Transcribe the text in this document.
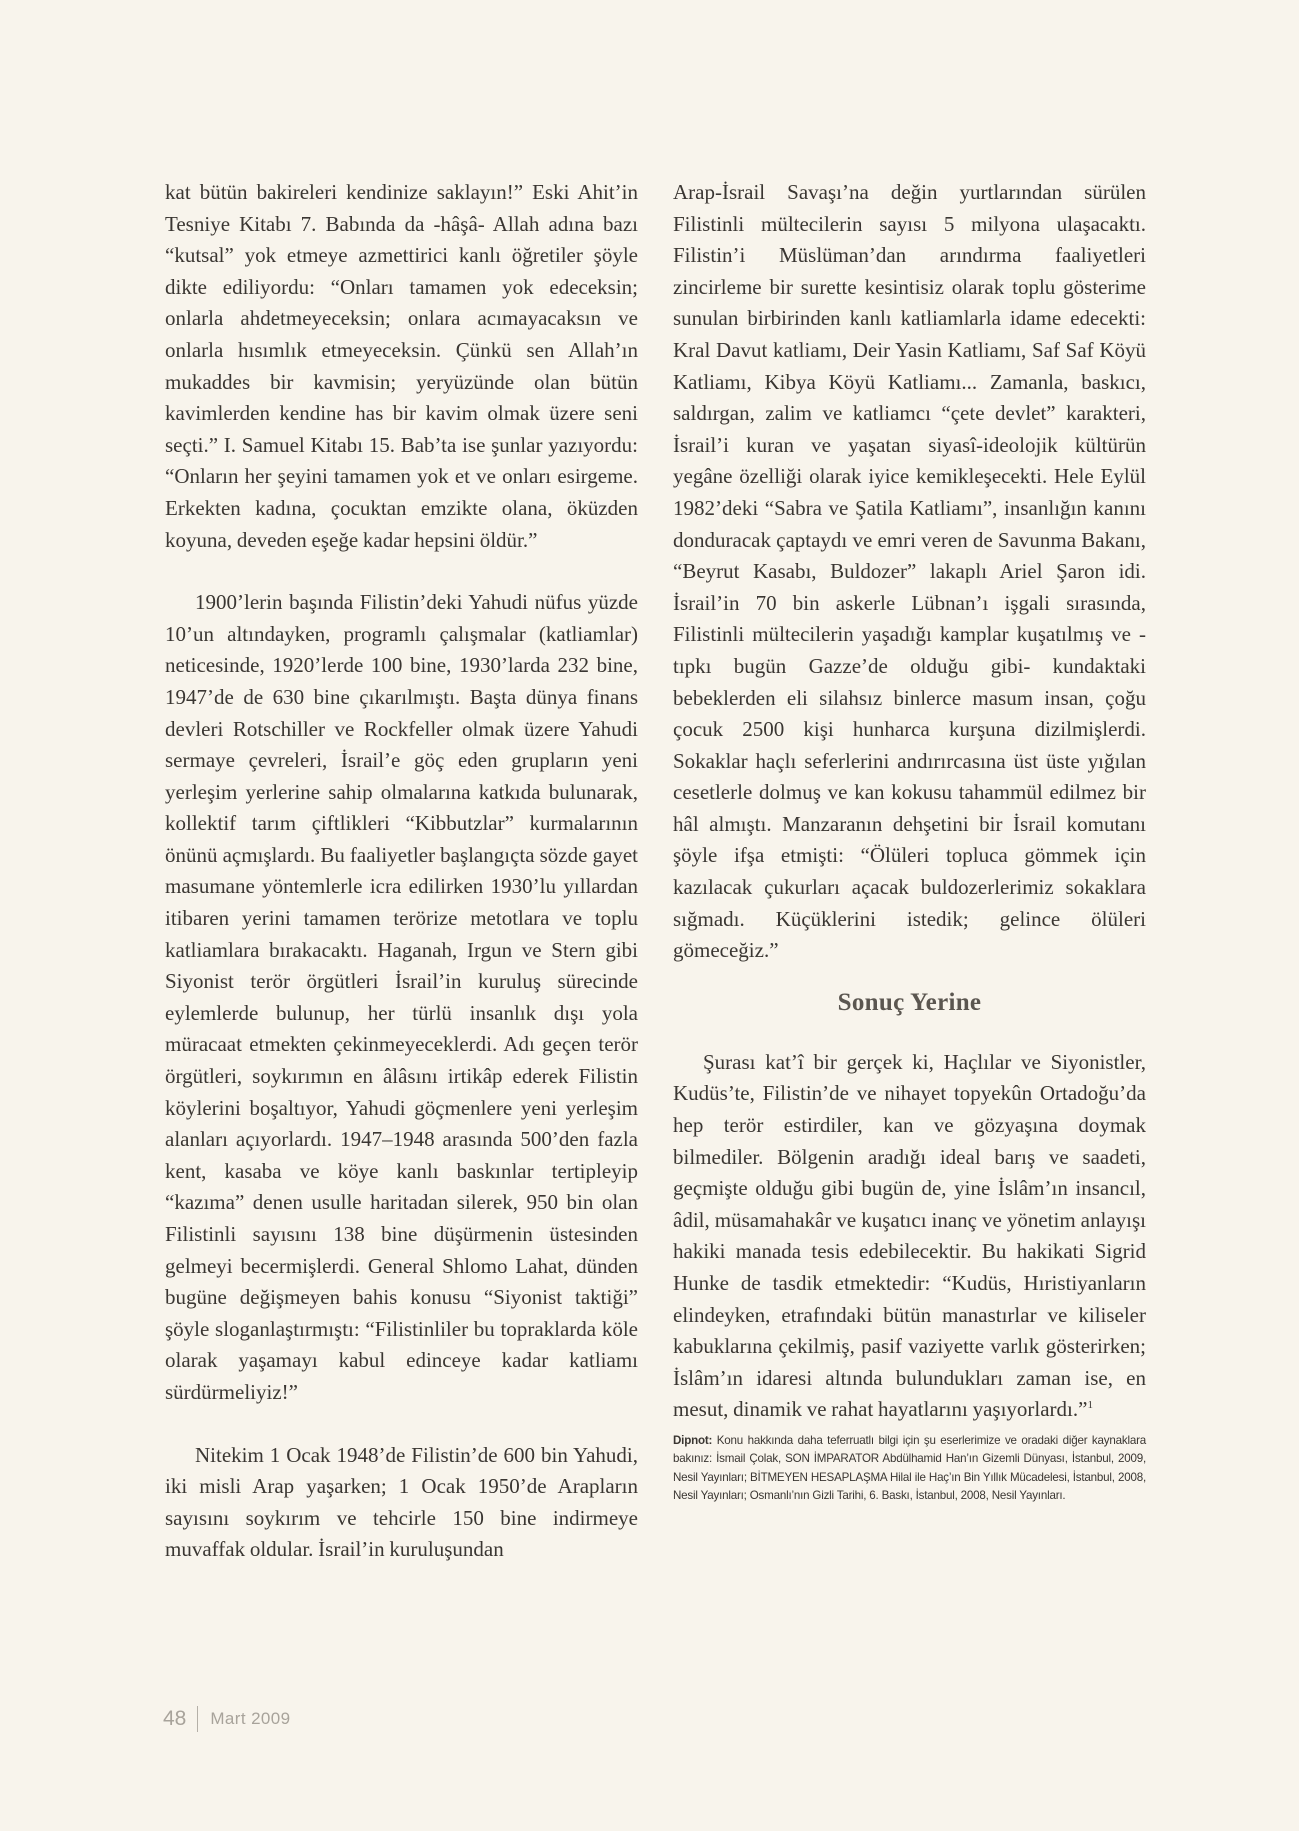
kat bütün bakireleri kendinize saklayın!” Eski Ahit’in Tesniye Kitabı 7. Babında da -hâşâ- Allah adına bazı “kutsal” yok etmeye azmettirici kanlı öğretiler şöyle dikte ediliyordu: “Onları tamamen yok edeceksin; onlarla ahdetmeyeceksin; onlara acımayacaksın ve onlarla hısımlık etmeyeceksin. Çünkü sen Allah’ın mukaddes bir kavmisin; yeryüzünde olan bütün kavimlerden kendine has bir kavim olmak üzere seni seçti.” I. Samuel Kitabı 15. Bab’ta ise şunlar yazıyordu: “Onların her şeyini tamamen yok et ve onları esirgeme. Erkekten kadına, çocuktan emzikte olana, öküzden koyuna, deveden eşeğe kadar hepsini öldür.”

1900’lerin başında Filistin’deki Yahudi nüfus yüzde 10’un altındayken, programlı çalışmalar (katliamlar) neticesinde, 1920’lerde 100 bine, 1930’larda 232 bine, 1947’de de 630 bine çıkarılmıştı. Başta dünya finans devleri Rotschiller ve Rockfeller olmak üzere Yahudi sermaye çevreleri, İsrail’e göç eden grupların yeni yerleşim yerlerine sahip olmalarına katkıda bulunarak, kollektif tarım çiftlikleri “Kibbutzlar” kurmalarının önünü açmışlardı. Bu faaliyetler başlangıçta sözde gayet masumane yöntemlerle icra edilirken 1930’lu yıllardan itibaren yerini tamamen terörize metotlara ve toplu katliamlara bırakacaktı. Haganah, Irgun ve Stern gibi Siyonist terör örgütleri İsrail’in kuruluş sürecinde eylemlerde bulunup, her türlü insanlık dışı yola müracaat etmekten çekinmeyeceklerdi. Adı geçen terör örgütleri, soykırımın en âlâsını irtikâp ederek Filistin köylerini boşaltıyor, Yahudi göçmenlere yeni yerleşim alanları açıyorlardı. 1947–1948 arasında 500’den fazla kent, kasaba ve köye kanlı baskınlar tertipleyip “kazıma” denen usulle haritadan silerek, 950 bin olan Filistinli sayısını 138 bine düşürmenin üstesinden gelmeyi becermişlerdi. General Shlomo Lahat, dünden bugüne değişmeyen bahis konusu “Siyonist taktiği” şöyle sloganlaştırmıştı: “Filistinliler bu topraklarda köle olarak yaşamayı kabul edinceye kadar katliamı sürdürmeliyiz!”

Nitekim 1 Ocak 1948’de Filistin’de 600 bin Yahudi, iki misli Arap yaşarken; 1 Ocak 1950’de Arapların sayısını soykırım ve tehcirle 150 bine indirmeye muvaffak oldular. İsrail’in kuruluşundan

Arap-İsrail Savaşı’na değin yurtlarından sürülen Filistinli mültecilerin sayısı 5 milyona ulaşacaktı. Filistin’i Müslüman’dan arındırma faaliyetleri zincirleme bir surette kesintisiz olarak toplu gösterime sunulan birbirinden kanlı katliamlarla idame edecekti: Kral Davut katliamı, Deir Yasin Katliamı, Saf Saf Köyü Katliamı, Kibya Köyü Katliamı... Zamanla, baskıcı, saldırgan, zalim ve katliamcı “çete devlet” karakteri, İsrail’i kuran ve yaşatan siyasî-ideolojik kültürün yegâne özelliği olarak iyice kemikleşecekti. Hele Eylül 1982’deki “Sabra ve Şatila Katliamı”, insanlığın kanını donduracak çaptaydı ve emri veren de Savunma Bakanı, “Beyrut Kasabı, Buldozer” lakaplı Ariel Şaron idi. İsrail’in 70 bin askerle Lübnan’ı işgali sırasında, Filistinli mültecilerin yaşadığı kamplar kuşatılmış ve -tıpkı bugün Gazze’de olduğu gibi- kundaktaki bebeklerden eli silahsız binlerce masum insan, çoğu çocuk 2500 kişi hunharca kurşuna dizilmişlerdi. Sokaklar haçlı seferlerini andırırcasına üst üste yığılan cesetlerle dolmuş ve kan kokusu tahammül edilmez bir hâl almıştı. Manzaranın dehşetini bir İsrail komutanı şöyle ifşa etmişti: “Ölüleri topluca gömmek için kazılacak çukurları açacak buldozerlerimiz sokaklara sığmadı. Küçüklerini istedik; gelince ölüleri gömeceğiz.”

Sonuç Yerine

Şurası kat’î bir gerçek ki, Haçlılar ve Siyonistler, Kudüs’te, Filistin’de ve nihayet topyekûn Ortadoğu’da hep terör estirdiler, kan ve gözyaşına doymak bilmediler. Bölgenin aradığı ideal barış ve saadeti, geçmişte olduğu gibi bugün de, yine İslâm’ın insancıl, âdil, müsamahakâr ve kuşatıcı inanç ve yönetim anlayışı hakiki manada tesis edebilecektir. Bu hakikati Sigrid Hunke de tasdik etmektedir: “Kudüs, Hıristiyanların elindeyken, etrafındaki bütün manastırlar ve kiliseler kabuklarına çekilmiş, pasif vaziyette varlık gösterirken; İslâm’ın idaresi altında bulundukları zaman ise, en mesut, dinamik ve rahat hayatlarını yaşıyorlardı.”$^1$

Dipnot: Konu hakkında daha teferruatlı bilgi için şu eserlerimize ve oradaki diğer kaynaklara bakınız: İsmail Çolak, SON İMPARATOR Abdülhamid Han’ın Gizemli Dünyası, İstanbul, 2009, Nesil Yayınları; BİTMEYEN HESAPLAŞMA Hilal ile Haç’ın Bin Yıllık Mücadelesi, İstanbul, 2008, Nesil Yayınları; Osmanlı’nın Gizli Tarihi, 6. Baskı, İstanbul, 2008, Nesil Yayınları.
48 Mart 2009
